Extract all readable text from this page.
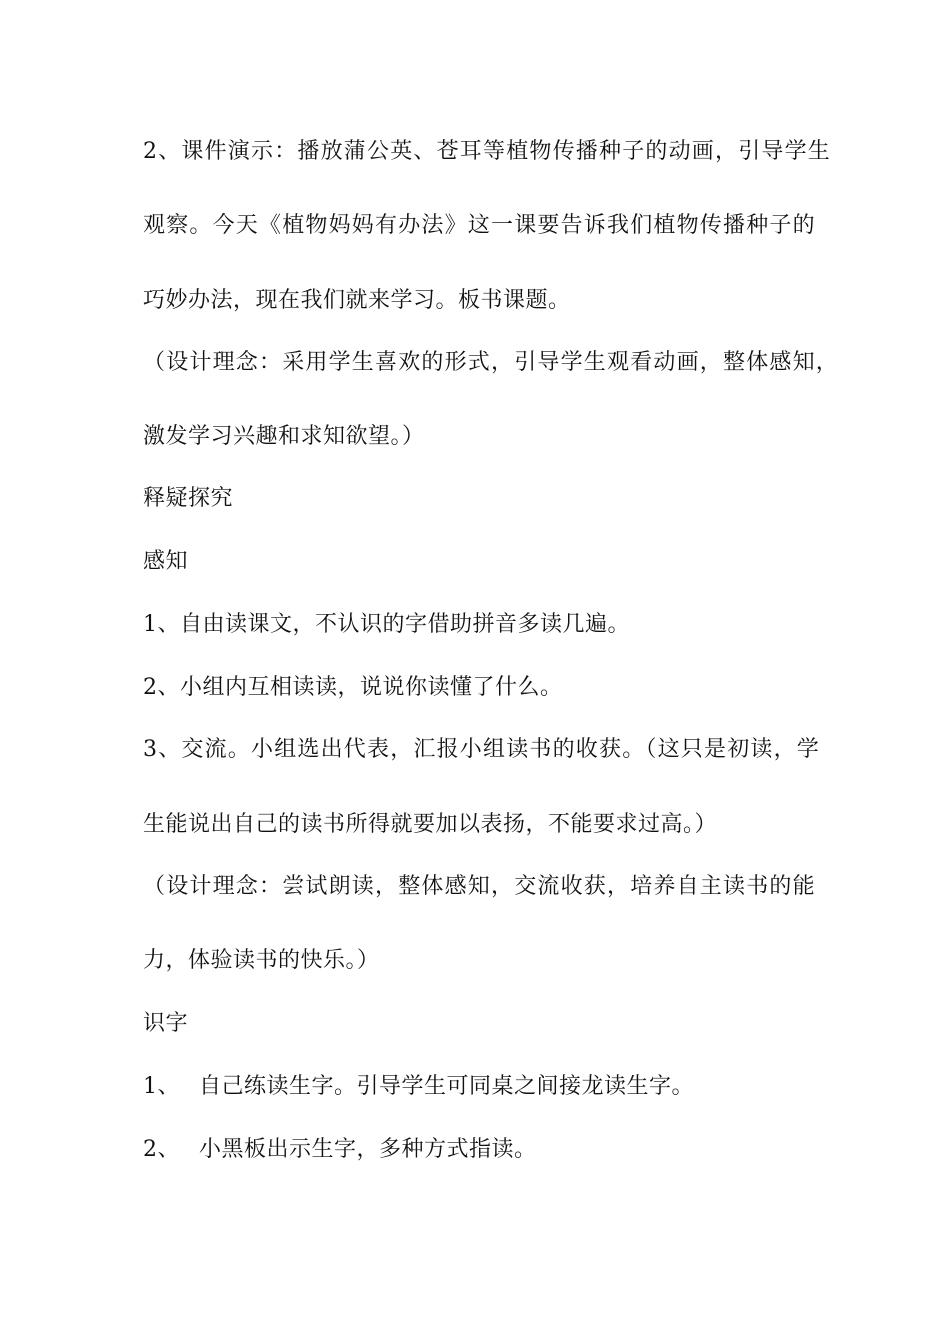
2、课件演示：播放蒲公英、苍耳等植物传播种子的动画，引导学生
观察。今天《植物妈妈有办法》这一课要告诉我们植物传播种子的
巧妙办法，现在我们就来学习。板书课题。
（设计理念：采用学生喜欢的形式，引导学生观看动画，整体感知，
激发学习兴趣和求知欲望。）
释疑探究
感知
1、自由读课文，不认识的字借助拼音多读几遍。
2、小组内互相读读，说说你读懂了什么。
3、交流。小组选出代表，汇报小组读书的收获。（这只是初读，学
生能说出自己的读书所得就要加以表扬，不能要求过高。）
（设计理念：尝试朗读，整体感知，交流收获，培养自主读书的能
力，体验读书的快乐。）
识字
1、 自己练读生字。引导学生可同桌之间接龙读生字。
2、 小黑板出示生字，多种方式指读。
